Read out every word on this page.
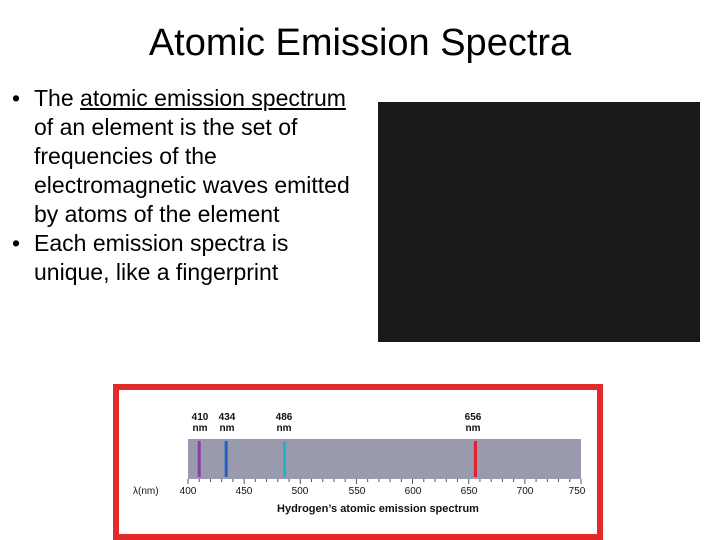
Atomic Emission Spectra
• The atomic emission spectrum of an element is the set of frequencies of the electromagnetic waves emitted by atoms of the element
• Each emission spectra is unique, like a fingerprint
410
nm
434
nm
486
nm
656
nm
λ(nm) 400	450	500	550	600	650	700	750
Hydrogen’s atomic emission spectrum
